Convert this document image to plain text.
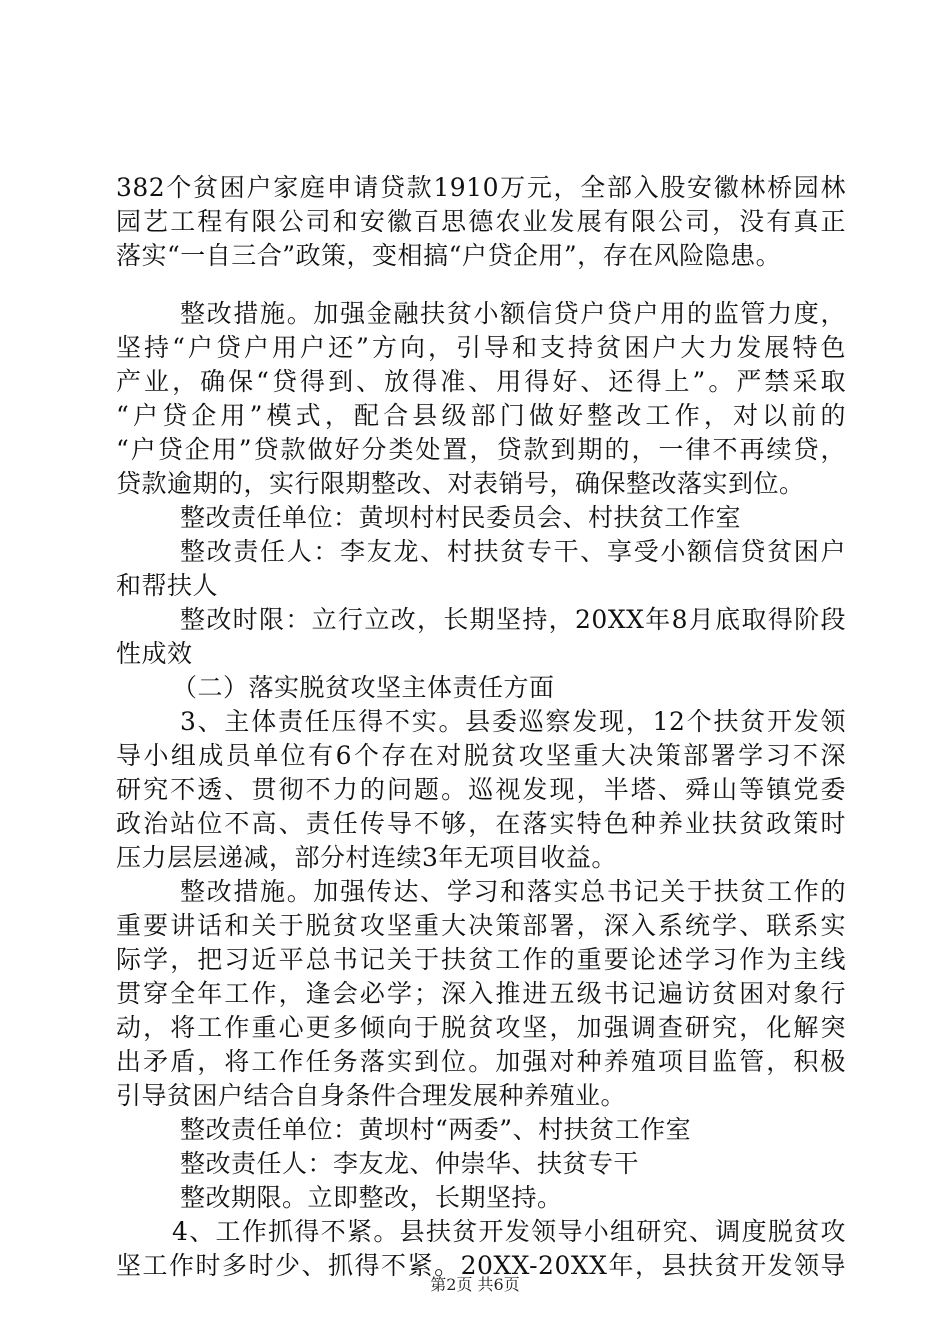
382个贫困户家庭申请贷款1910万元，全部入股安徽林桥园林
园艺工程有限公司和安徽百思德农业发展有限公司，没有真正
落实“一自三合”政策，变相搞“户贷企用”，存在风险隐患。
整改措施。加强金融扶贫小额信贷户贷户用的监管力度，
坚持“户贷户用户还”方向，引导和支持贫困户大力发展特色
产业，确保“贷得到、放得准、用得好、还得上”。严禁采取
“户贷企用”模式，配合县级部门做好整改工作，对以前的
“户贷企用”贷款做好分类处置，贷款到期的，一律不再续贷，
贷款逾期的，实行限期整改、对表销号，确保整改落实到位。
整改责任单位：黄坝村村民委员会、村扶贫工作室
整改责任人：李友龙、村扶贫专干、享受小额信贷贫困户
和帮扶人
整改时限：立行立改，长期坚持，20XX年8月底取得阶段
性成效
（二）落实脱贫攻坚主体责任方面
3、主体责任压得不实。县委巡察发现，12个扶贫开发领
导小组成员单位有6个存在对脱贫攻坚重大决策部署学习不深
研究不透、贯彻不力的问题。巡视发现，半塔、舜山等镇党委
政治站位不高、责任传导不够，在落实特色种养业扶贫政策时
压力层层递减，部分村连续3年无项目收益。
整改措施。加强传达、学习和落实总书记关于扶贫工作的
重要讲话和关于脱贫攻坚重大决策部署，深入系统学、联系实
际学，把习近平总书记关于扶贫工作的重要论述学习作为主线
贯穿全年工作，逢会必学；深入推进五级书记遍访贫困对象行
动，将工作重心更多倾向于脱贫攻坚，加强调查研究，化解突
出矛盾，将工作任务落实到位。加强对种养殖项目监管，积极
引导贫困户结合自身条件合理发展种养殖业。
整改责任单位：黄坝村“两委”、村扶贫工作室
整改责任人：李友龙、仲崇华、扶贫专干
整改期限。立即整改，长期坚持。
4、工作抓得不紧。县扶贫开发领导小组研究、调度脱贫攻
坚工作时多时少、抓得不紧。20XX-20XX年，县扶贫开发领导
第2页 共6页
